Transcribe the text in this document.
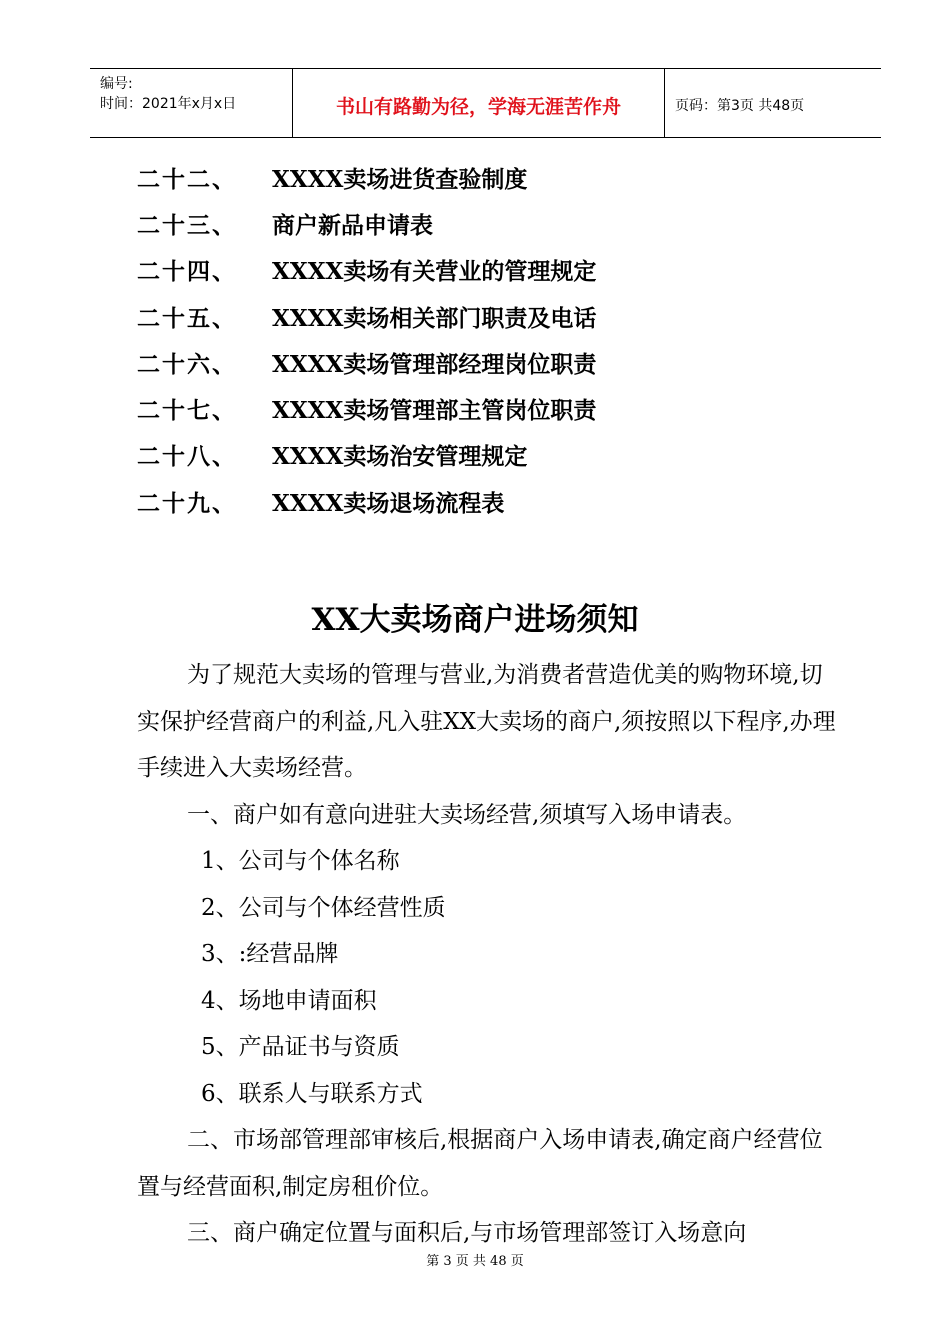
编号:
时间：2021年x月x日	书山有路勤为径，学海无涯苦作舟	页码：第3页 共48页
二十二、	XXXX卖场进货查验制度
二十三、	商户新品申请表
二十四、	XXXX卖场有关营业的管理规定
二十五、	XXXX卖场相关部门职责及电话
二十六、	XXXX卖场管理部经理岗位职责
二十七、	XXXX卖场管理部主管岗位职责
二十八、	XXXX卖场治安管理规定
二十九、	XXXX卖场退场流程表
XX大卖场商户进场须知

为了规范大卖场的管理与营业,为消费者营造优美的购物环境,切实保护经营商户的利益,凡入驻XX大卖场的商户,须按照以下程序,办理手续进入大卖场经营。

一、商户如有意向进驻大卖场经营,须填写入场申请表。

1、公司与个体名称

2、公司与个体经营性质

3、:经营品牌

4、场地申请面积

5、产品证书与资质

6、联系人与联系方式

二、市场部管理部审核后,根据商户入场申请表,确定商户经营位置与经营面积,制定房租价位。

三、商户确定位置与面积后,与市场管理部签订入场意向

第 3 页 共 48 页
